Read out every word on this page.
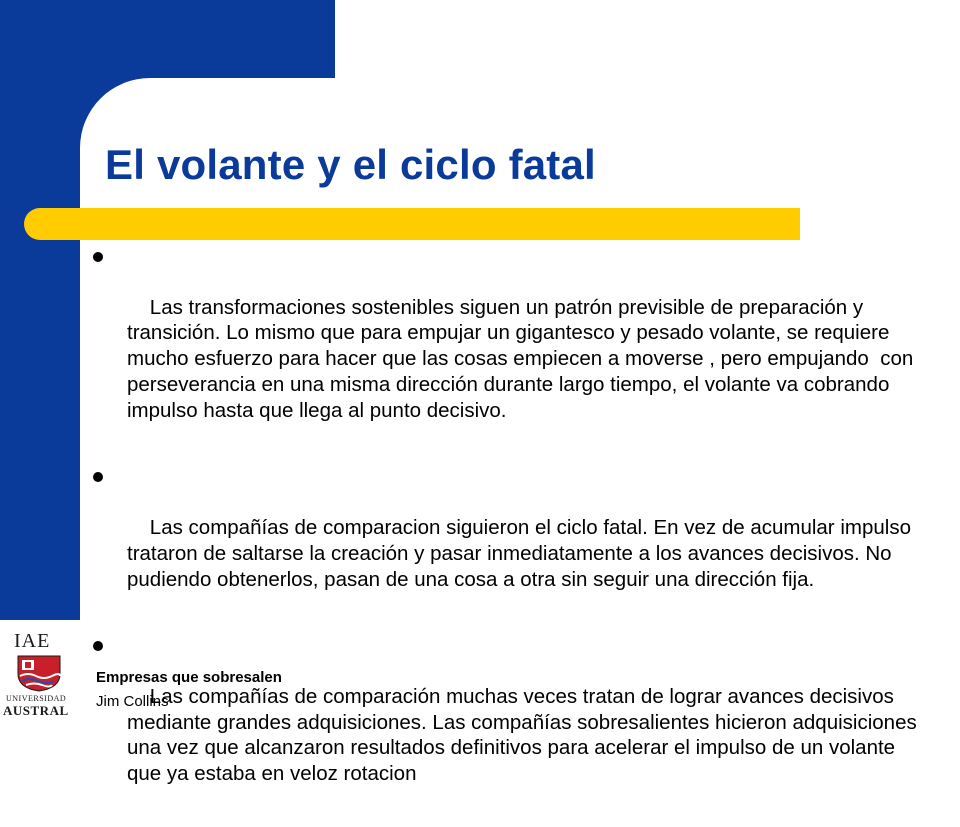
El volante y el ciclo fatal

Las transformaciones sostenibles siguen un patrón previsible de preparación y transición. Lo mismo que para empujar un gigantesco y pesado volante, se requiere mucho esfuerzo para hacer que las cosas empiecen a moverse , pero empujando  con perseverancia en una misma dirección durante largo tiempo, el volante va cobrando impulso hasta que llega al punto decisivo.

Las compañías de comparacion siguieron el ciclo fatal. En vez de acumular impulso trataron de saltarse la creación y pasar inmediatamente a los avances decisivos. No pudiendo obtenerlos, pasan de una cosa a otra sin seguir una dirección fija.

Las compañías de comparación muchas veces tratan de lograr avances decisivos mediante grandes adquisiciones. Las compañías sobresalientes hicieron adquisiciones una vez que alcanzaron resultados definitivos para acelerar el impulso de un volante que ya estaba en veloz rotacion

IAE
UNIVERSIDAD
AUSTRAL
Empresas que sobresalen
Jim Collins
